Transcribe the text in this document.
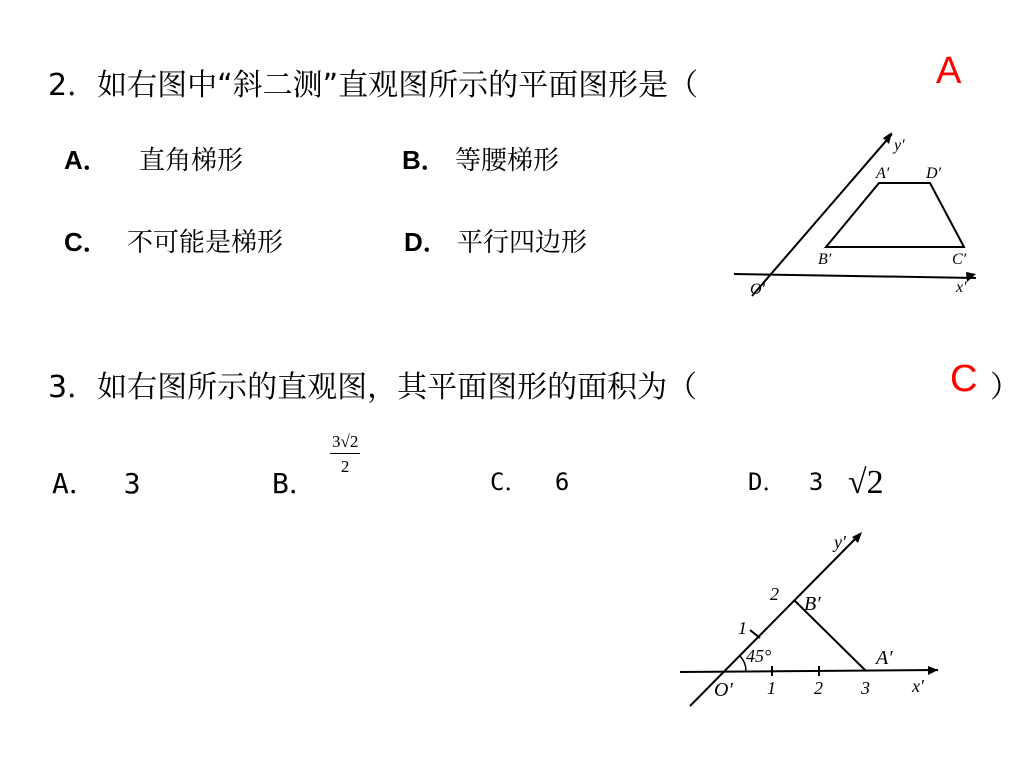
2．如右图中“斜二测”直观图所示的平面图形是（	A
A． 直角梯形	B． 等腰梯形
C． 不可能是梯形	D． 平行四边形
y′
x′
O′
A′ D′
B′	C′
3．如右图所示的直观图，其平面图形的面积为（	C ）
A． 3	B．
$\frac{3√2}{2}$
C． 6	D． 3 √2
y′
x′
O′
B′
A′
45°
1
2
1 2 3
